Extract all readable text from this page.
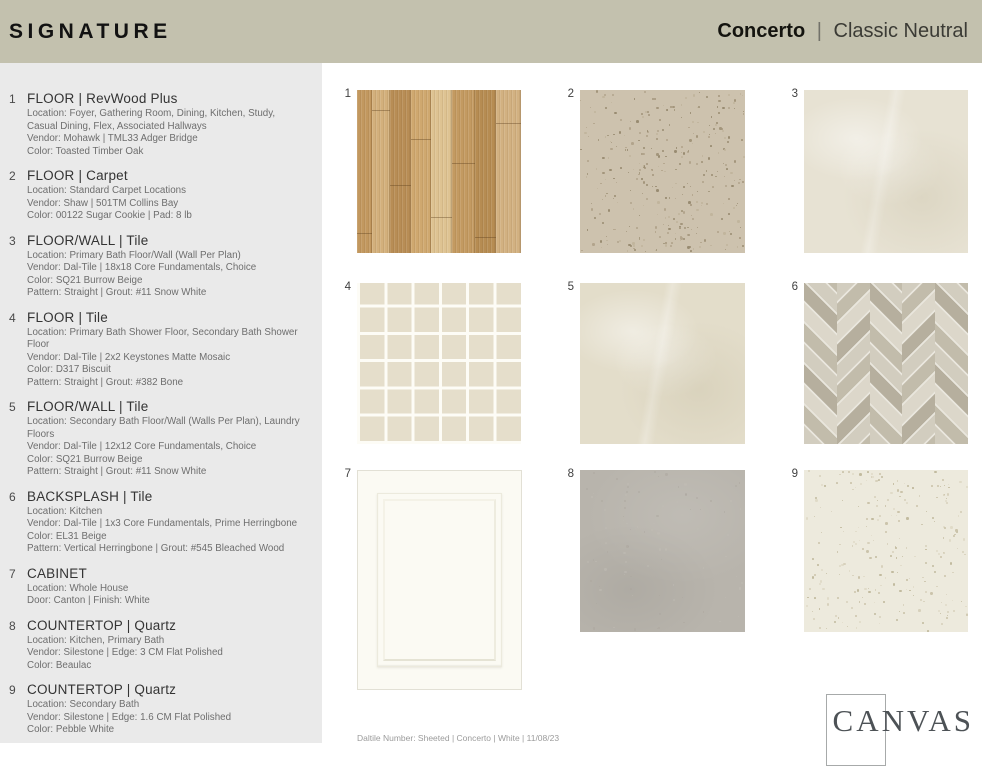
SIGNATURE	Concerto | Classic Neutral
1 FLOOR | RevWood Plus
Location: Foyer, Gathering Room, Dining, Kitchen, Study, Casual Dining, Flex, Associated Hallways
Vendor: Mohawk | TML33 Adger Bridge
Color: Toasted Timber Oak
2 FLOOR | Carpet
Location: Standard Carpet Locations
Vendor: Shaw | 501TM Collins Bay
Color: 00122 Sugar Cookie | Pad: 8 lb
3 FLOOR/WALL | Tile
Location: Primary Bath Floor/Wall (Wall Per Plan)
Vendor: Dal-Tile | 18x18 Core Fundamentals, Choice
Color: SQ21 Burrow Beige
Pattern: Straight | Grout: #11 Snow White
4 FLOOR | Tile
Location: Primary Bath Shower Floor, Secondary Bath Shower Floor
Vendor: Dal-Tile | 2x2 Keystones Matte Mosaic
Color: D317 Biscuit
Pattern: Straight | Grout: #382 Bone
5 FLOOR/WALL | Tile
Location: Secondary Bath Floor/Wall (Walls Per Plan), Laundry Floors
Vendor: Dal-Tile | 12x12 Core Fundamentals, Choice
Color: SQ21 Burrow Beige
Pattern: Straight | Grout: #11 Snow White
6 BACKSPLASH | Tile
Location: Kitchen
Vendor: Dal-Tile | 1x3 Core Fundamentals, Prime Herringbone
Color: EL31 Beige
Pattern: Vertical Herringbone | Grout: #545 Bleached Wood
7 CABINET
Location: Whole House
Door: Canton | Finish: White
8 COUNTERTOP | Quartz
Location: Kitchen, Primary Bath
Vendor: Silestone | Edge: 3 CM Flat Polished
Color: Beaulac
9 COUNTERTOP | Quartz
Location: Secondary Bath
Vendor: Silestone | Edge: 1.6 CM Flat Polished
Color: Pebble White
1	2	3
4	5	6
7	8	9
Daltile Number: Sheeted | Concerto | White | 11/08/23	CANVAS
